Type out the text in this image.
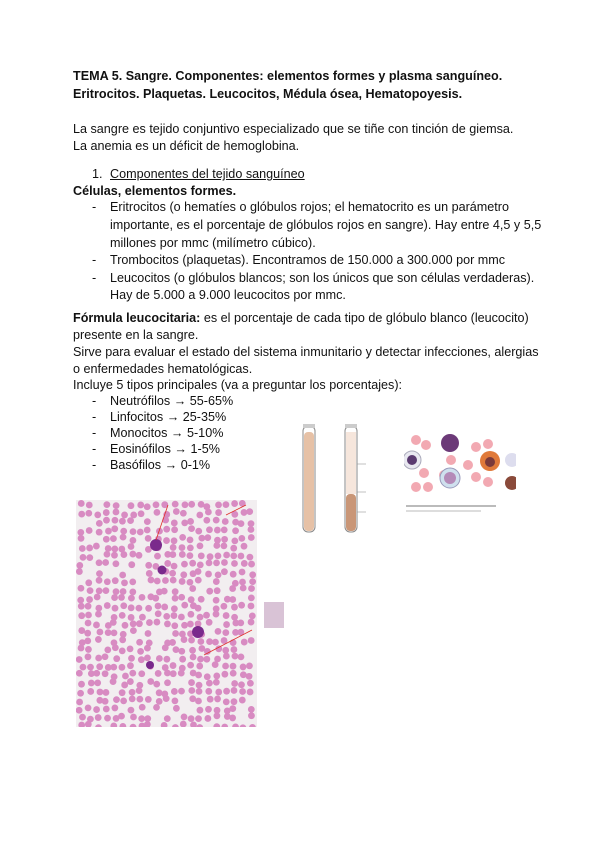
TEMA 5. Sangre. Componentes: elementos formes y plasma sanguíneo.
Eritrocitos. Plaquetas. Leucocitos, Médula ósea, Hematopoyesis.
La sangre es tejido conjuntivo especializado que se tiñe con tinción de giemsa.
La anemia es un déficit de hemoglobina.
1. Componentes del tejido sanguíneo
Células, elementos formes.
- Eritrocitos (o hematíes o glóbulos rojos; el hematocrito es un parámetro
importante, es el porcentaje de glóbulos rojos en sangre). Hay entre 4,5 y 5,5
millones por mmc (milímetro cúbico).
- Trombocitos (plaquetas). Encontramos de 150.000 a 300.000 por mmc
- Leucocitos (o glóbulos blancos; son los únicos que son células verdaderas).
Hay de 5.000 a 9.000 leucocitos por mmc.
Fórmula leucocitaria: es el porcentaje de cada tipo de glóbulo blanco (leucocito)
presente en la sangre.
Sirve para evaluar el estado del sistema inmunitario y detectar infecciones, alergias
o enfermedades hematológicas.
Incluye 5 tipos principales (va a preguntar los porcentajes):
- Neutrófilos → 55-65%
- Linfocitos → 25-35%
- Monocitos → 5-10%
- Eosinófilos → 1-5%
- Basófilos → 0-1%
